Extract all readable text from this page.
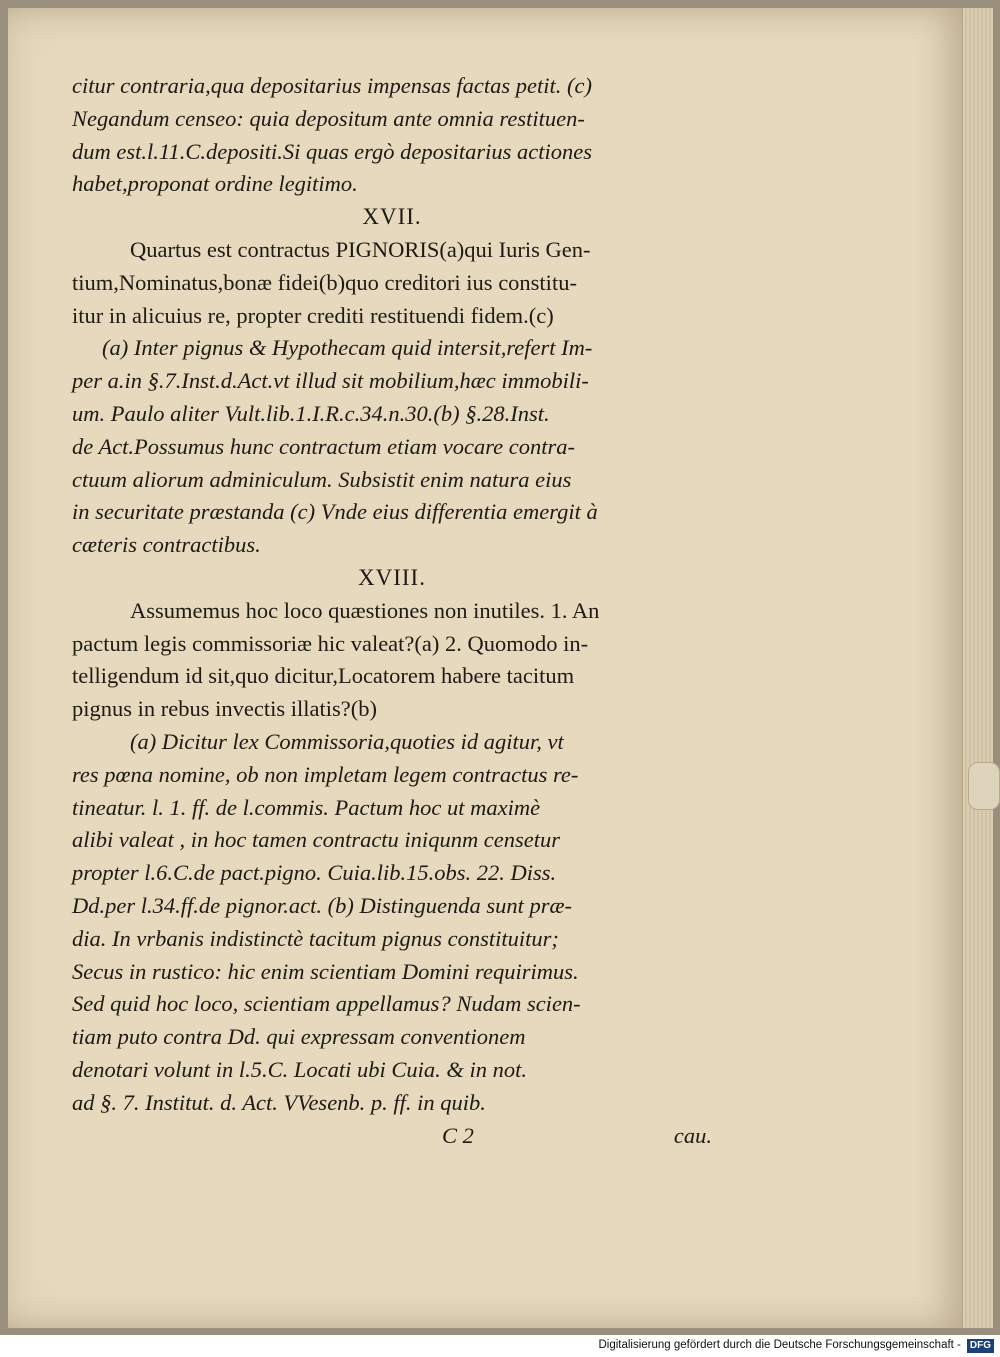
citur contraria,qua depositarius impensas factas petit. (c)
Negandum censeo: quia depositum ante omnia restituen-
dum est.l.11.C.depositi.Si quas ergò depositarius actiones
habet,proponat ordine legitimo.
XVII.
Quartus est contractus PIGNORIS(a)qui Iuris Gen-
tium,Nominatus,bonæ fidei(b)quo creditori ius constitu-
itur in alicuius re, propter crediti restituendi fidem.(c)
(a) Inter pignus & Hypothecam quid intersit,refert Im-
per a.in §.7.Inst.d.Act.vt illud sit mobilium,hæc immobili-
um. Paulo aliter Vult.lib.1.I.R.c.34.n.30.(b) §.28.Inst.
de Act.Possumus hunc contractum etiam vocare contra-
ctuum aliorum adminiculum. Subsistit enim natura eius
in securitate præstanda (c) Vnde eius differentia emergit à
cæteris contractibus.
XVIII.
Assumemus hoc loco quæstiones non inutiles. 1. An
pactum legis commissoriæ hic valeat?(a) 2. Quomodo in-
telligendum id sit,quo dicitur,Locatorem habere tacitum
pignus in rebus invectis illatis?(b)
(a) Dicitur lex Commissoria,quoties id agitur, vt
res pœna nomine, ob non impletam legem contractus re-
tineatur. l. 1. ff. de l.commis. Pactum hoc ut maximè
alibi valeat , in hoc tamen contractu iniqunm censetur
propter l.6.C.de pact.pigno. Cuia.lib.15.obs. 22. Diss.
Dd.per l.34.ff.de pignor.act. (b) Distinguenda sunt præ-
dia. In vrbanis indistinctè tacitum pignus constituitur;
Secus in rustico: hic enim scientiam Domini requirimus.
Sed quid hoc loco, scientiam appellamus? Nudam scien-
tiam puto contra Dd. qui expressam conventionem
denotari volunt in l.5.C. Locati ubi Cuia. & in not.
ad §. 7. Institut. d. Act. VVesenb. p. ff. in quib.
C 2	cau.
Digitalisierung gefördert durch die Deutsche Forschungsgemeinschaft - DFG
